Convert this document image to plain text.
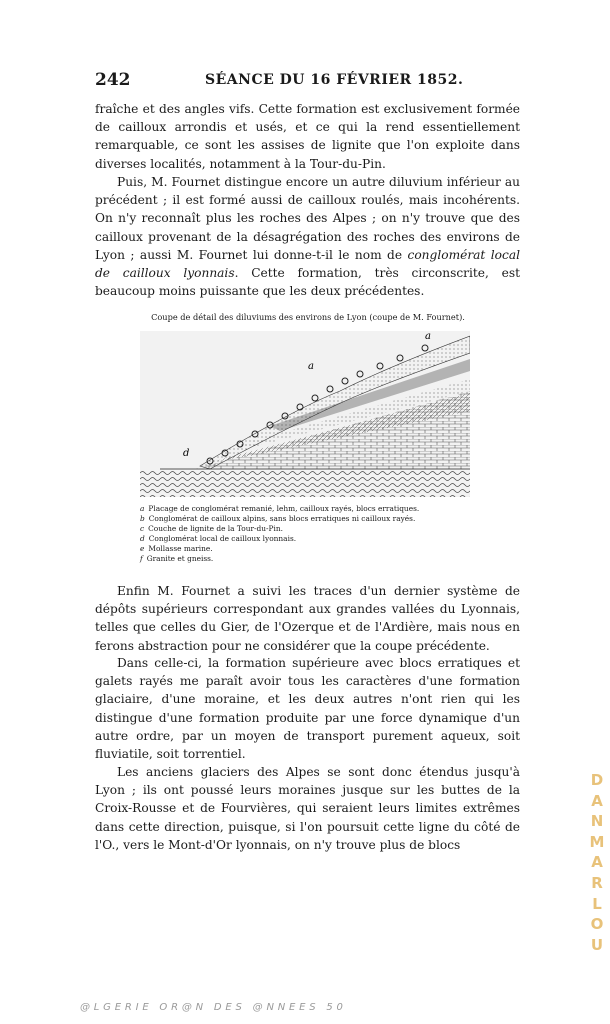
242	SÉANCE DU 16 FÉVRIER 1852.

fraîche et des angles vifs. Cette formation est exclusivement formée de cailloux arrondis et usés, et ce qui la rend essentiellement remarquable, ce sont les assises de lignite que l'on exploite dans diverses localités, notamment à la Tour-du-Pin.

Puis, M. Fournet distingue encore un autre diluvium inférieur au précédent ; il est formé aussi de cailloux roulés, mais incohérents. On n'y reconnaît plus les roches des Alpes ; on n'y trouve que des cailloux provenant de la désagrégation des roches des environs de Lyon ; aussi M. Fournet lui donne-t-il le nom de conglomérat local de cailloux lyonnais. Cette formation, très circonscrite, est beaucoup moins puissante que les deux précédentes.

Coupe de détail des diluviums des environs de Lyon (coupe de M. Fournet).
a
a
d
a Placage de conglomérat remanié, lehm, cailloux rayés, blocs erratiques.
b Conglomérat de cailloux alpins, sans blocs erratiques ni cailloux rayés.
c Couche de lignite de la Tour-du-Pin.
d Conglomérat local de cailloux lyonnais.
e Mollasse marine.
f Granite et gneiss.

Enfin M. Fournet a suivi les traces d'un dernier système de dépôts supérieurs correspondant aux grandes vallées du Lyonnais, telles que celles du Gier, de l'Ozerque et de l'Ardière, mais nous en ferons abstraction pour ne considérer que la coupe précédente.

Dans celle-ci, la formation supérieure avec blocs erratiques et galets rayés me paraît avoir tous les caractères d'une formation glaciaire, d'une moraine, et les deux autres n'ont rien qui les distingue d'une formation produite par une force dynamique d'un autre ordre, par un moyen de transport purement aqueux, soit fluviatile, soit torrentiel.

Les anciens glaciers des Alpes se sont donc étendus jusqu'à Lyon ; ils ont poussé leurs moraines jusque sur les buttes de la Croix-Rousse et de Fourvières, qui seraient leurs limites extrêmes dans cette direction, puisque, si l'on poursuit cette ligne du côté de l'O., vers le Mont-d'Or lyonnais, on n'y trouve plus de blocs

D
A
N
M
A
R
L
O
U
@LGERIE OR@N DES @NNEES 50
